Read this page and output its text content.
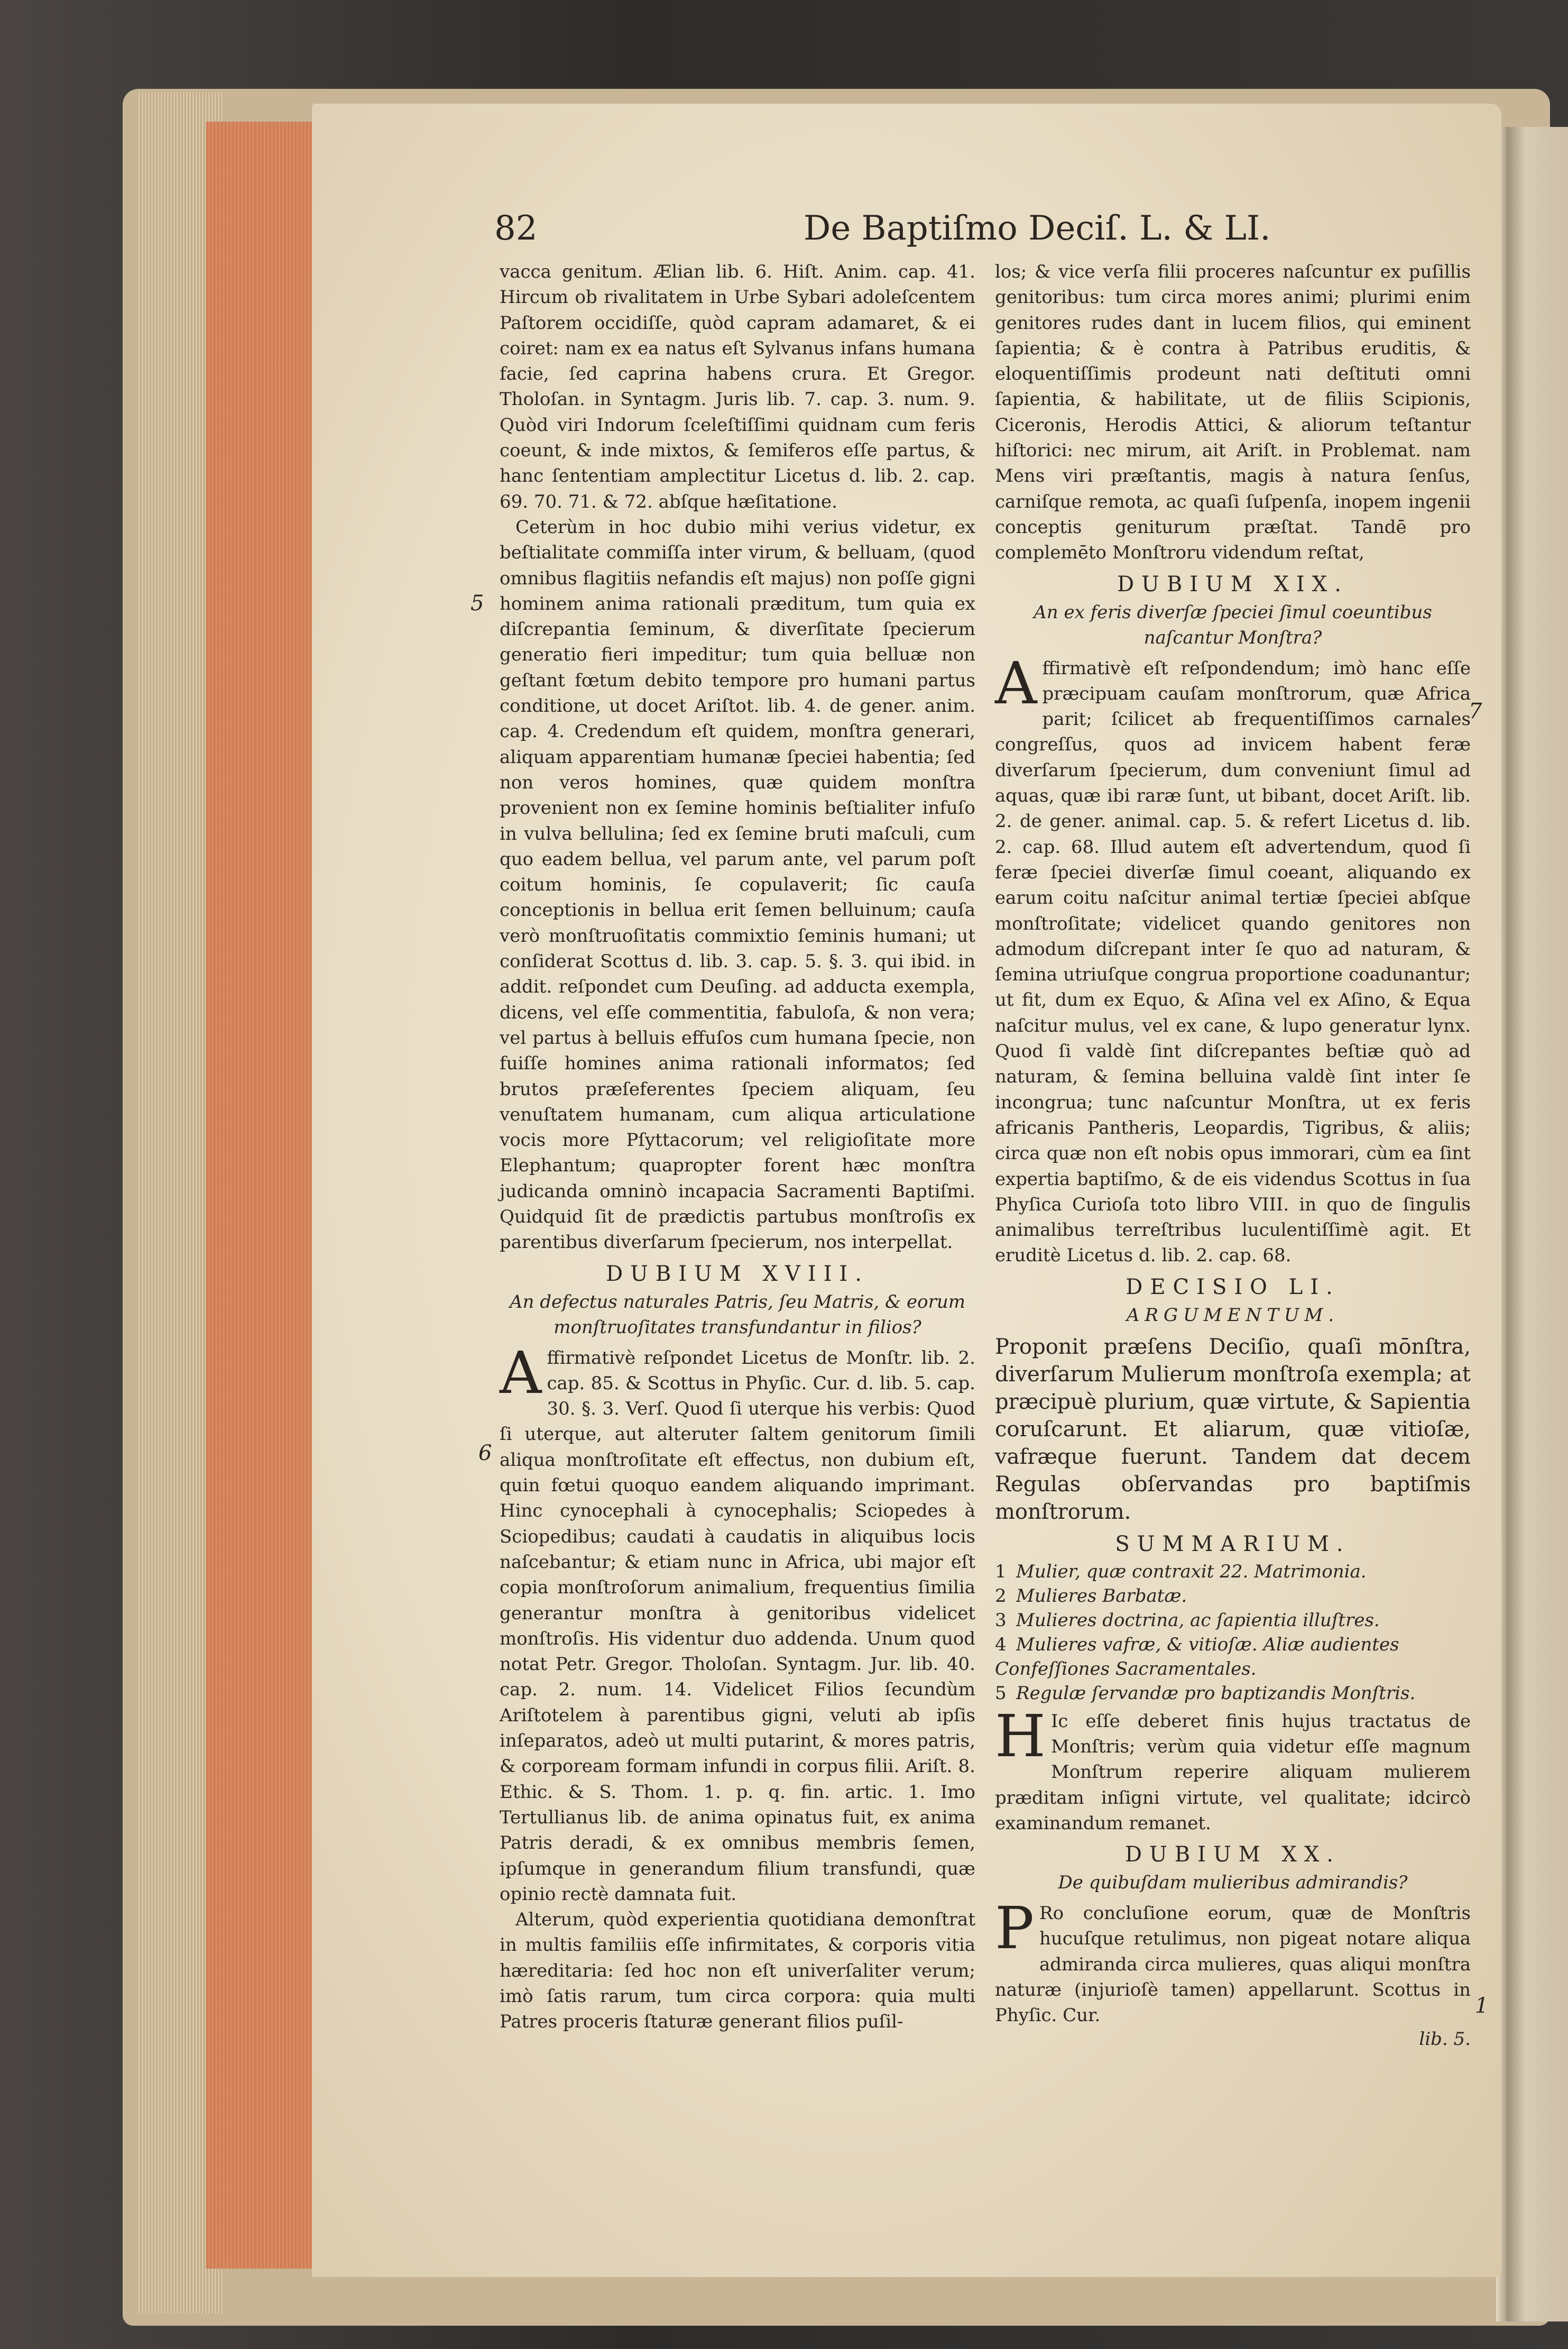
82	De Baptiſmo Deciſ. L. & LI.
5
6
7
1

vacca genitum. Ælian lib. 6. Hiſt. Anim. cap. 41. Hircum ob rivalitatem in Urbe Sybari adoleſcentem Paſtorem occidiſſe, quòd capram adamaret, & ei coiret: nam ex ea natus eſt Sylvanus infans humana facie, ſed caprina habens crura. Et Gregor. Tholoſan. in Syntagm. Juris lib. 7. cap. 3. num. 9. Quòd viri Indorum ſceleſtiſſimi quidnam cum feris coeunt, & inde mixtos, & ſemiferos eſſe partus, & hanc ſententiam amplectitur Licetus d. lib. 2. cap. 69. 70. 71. & 72. abſque hæſitatione.

Ceterùm in hoc dubio mihi verius videtur, ex beſtialitate commiſſa inter virum, & belluam, (quod omnibus flagitiis nefandis eſt majus) non poſſe gigni hominem anima rationali præditum, tum quia ex diſcrepantia ſeminum, & diverſitate ſpecierum generatio fieri impeditur; tum quia belluæ non geſtant fœtum debito tempore pro humani partus conditione, ut docet Ariſtot. lib. 4. de gener. anim. cap. 4. Credendum eſt quidem, monſtra generari, aliquam apparentiam humanæ ſpeciei habentia; ſed non veros homines, quæ quidem monſtra provenient non ex ſemine hominis beſtialiter infuſo in vulva bellulina; ſed ex ſemine bruti maſculi, cum quo eadem bellua, vel parum ante, vel parum poſt coitum hominis, ſe copulaverit; ſic cauſa conceptionis in bellua erit ſemen belluinum; cauſa verò monſtruoſitatis commixtio ſeminis humani; ut conſiderat Scottus d. lib. 3. cap. 5. §. 3. qui ibid. in addit. reſpondet cum Deuſing. ad adducta exempla, dicens, vel eſſe commentitia, fabuloſa, & non vera; vel partus à belluis effuſos cum humana ſpecie, non fuiſſe homines anima rationali informatos; ſed brutos præſeferentes ſpeciem aliquam, ſeu venuſtatem humanam, cum aliqua articulatione vocis more Pſyttacorum; vel religioſitate more Elephantum; quapropter forent hæc monſtra judicanda omninò incapacia Sacramenti Baptiſmi. Quidquid ſit de prædictis partubus monſtroſis ex parentibus diverſarum ſpecierum, nos interpellat.

DUBIUM XVIII.

An defectus naturales Patris, ſeu Matris, & eorum monſtruoſitates transfundantur in filios?

Affirmativè reſpondet Licetus de Monſtr. lib. 2. cap. 85. & Scottus in Phyſic. Cur. d. lib. 5. cap. 30. §. 3. Verſ. Quod ſi uterque his verbis: Quod ſi uterque, aut alteruter ſaltem genitorum ſimili aliqua monſtroſitate eſt effectus, non dubium eſt, quin fœtui quoquo eandem aliquando imprimant. Hinc cynocephali à cynocephalis; Sciopedes à Sciopedibus; caudati à caudatis in aliquibus locis naſcebantur; & etiam nunc in Africa, ubi major eſt copia monſtroſorum animalium, frequentius ſimilia generantur monſtra à genitoribus videlicet monſtroſis. His videntur duo addenda. Unum quod notat Petr. Gregor. Tholoſan. Syntagm. Jur. lib. 40. cap. 2. num. 14. Videlicet Filios ſecundùm Ariſtotelem à parentibus gigni, veluti ab ipſis inſeparatos, adeò ut multi putarint, & mores patris, & corpoream formam infundi in corpus filii. Ariſt. 8. Ethic. & S. Thom. 1. p. q. fin. artic. 1. Imo Tertullianus lib. de anima opinatus fuit, ex anima Patris deradi, & ex omnibus membris ſemen, ipſumque in generandum filium transfundi, quæ opinio rectè damnata fuit.

Alterum, quòd experientia quotidiana demonſtrat in multis familiis eſſe infirmitates, & corporis vitia hæreditaria: ſed hoc non eſt univerſaliter verum; imò ſatis rarum, tum circa corpora: quia multi Patres proceris ſtaturæ generant filios puſil-

los; & vice verſa filii proceres naſcuntur ex puſillis genitoribus: tum circa mores animi; plurimi enim genitores rudes dant in lucem filios, qui eminent ſapientia; & è contra à Patribus eruditis, & eloquentiſſimis prodeunt nati deſtituti omni ſapientia, & habilitate, ut de filiis Scipionis, Ciceronis, Herodis Attici, & aliorum teſtantur hiſtorici: nec mirum, ait Ariſt. in Problemat. nam Mens viri præſtantis, magis à natura ſenſus, carniſque remota, ac quaſi ſuſpenſa, inopem ingenii conceptis geniturum præſtat. Tandē pro complemēto Monſtroru videndum reſtat,

DUBIUM XIX.

An ex feris diverſæ ſpeciei ſimul coeuntibus naſcantur Monſtra?

Affirmativè eſt reſpondendum; imò hanc eſſe præcipuam cauſam monſtrorum, quæ Africa parit; ſcilicet ab frequentiſſimos carnales congreſſus, quos ad invicem habent feræ diverſarum ſpecierum, dum conveniunt ſimul ad aquas, quæ ibi raræ ſunt, ut bibant, docet Ariſt. lib. 2. de gener. animal. cap. 5. & refert Licetus d. lib. 2. cap. 68. Illud autem eſt advertendum, quod ſi feræ ſpeciei diverſæ ſimul coeant, aliquando ex earum coitu naſcitur animal tertiæ ſpeciei abſque monſtroſitate; videlicet quando genitores non admodum diſcrepant inter ſe quo ad naturam, & ſemina utriuſque congrua proportione coadunantur; ut fit, dum ex Equo, & Aſina vel ex Aſino, & Equa naſcitur mulus, vel ex cane, & lupo generatur lynx. Quod ſi valdè ſint diſcrepantes beſtiæ quò ad naturam, & ſemina belluina valdè ſint inter ſe incongrua; tunc naſcuntur Monſtra, ut ex feris africanis Pantheris, Leopardis, Tigribus, & aliis; circa quæ non eſt nobis opus immorari, cùm ea ſint expertia baptiſmo, & de eis videndus Scottus in ſua Phyſica Curioſa toto libro VIII. in quo de ſingulis animalibus terreſtribus luculentiſſimè agit. Et eruditè Licetus d. lib. 2. cap. 68.

DECISIO LI.

ARGUMENTUM.

Proponit præſens Deciſio, quaſi mōnſtra, diverſarum Mulierum monſtroſa exempla; at præcipuè plurium, quæ virtute, & Sapientia coruſcarunt. Et aliarum, quæ vitioſæ, vafræque fuerunt. Tandem dat decem Regulas obſervandas pro baptiſmis monſtrorum.

SUMMARIUM.
1 Mulier, quæ contraxit 22. Matrimonia.
2 Mulieres Barbatæ.
3 Mulieres doctrina, ac ſapientia illuſtres.
4 Mulieres vafræ, & vitioſæ. Aliæ audientes Confeſſiones Sacramentales.
5 Regulæ ſervandæ pro baptizandis Monſtris.

H Ic eſſe deberet finis hujus tractatus de Monſtris; verùm quia videtur eſſe magnum Monſtrum reperire aliquam mulierem præditam inſigni virtute, vel qualitate; idcircò examinandum remanet.

DUBIUM XX.

De quibuſdam mulieribus admirandis?

P Ro concluſione eorum, quæ de Monſtris hucuſque retulimus, non pigeat notare aliqua admiranda circa mulieres, quas aliqui monſtra naturæ (injurioſè tamen) appellarunt. Scottus in Phyſic. Cur.

lib. 5.
